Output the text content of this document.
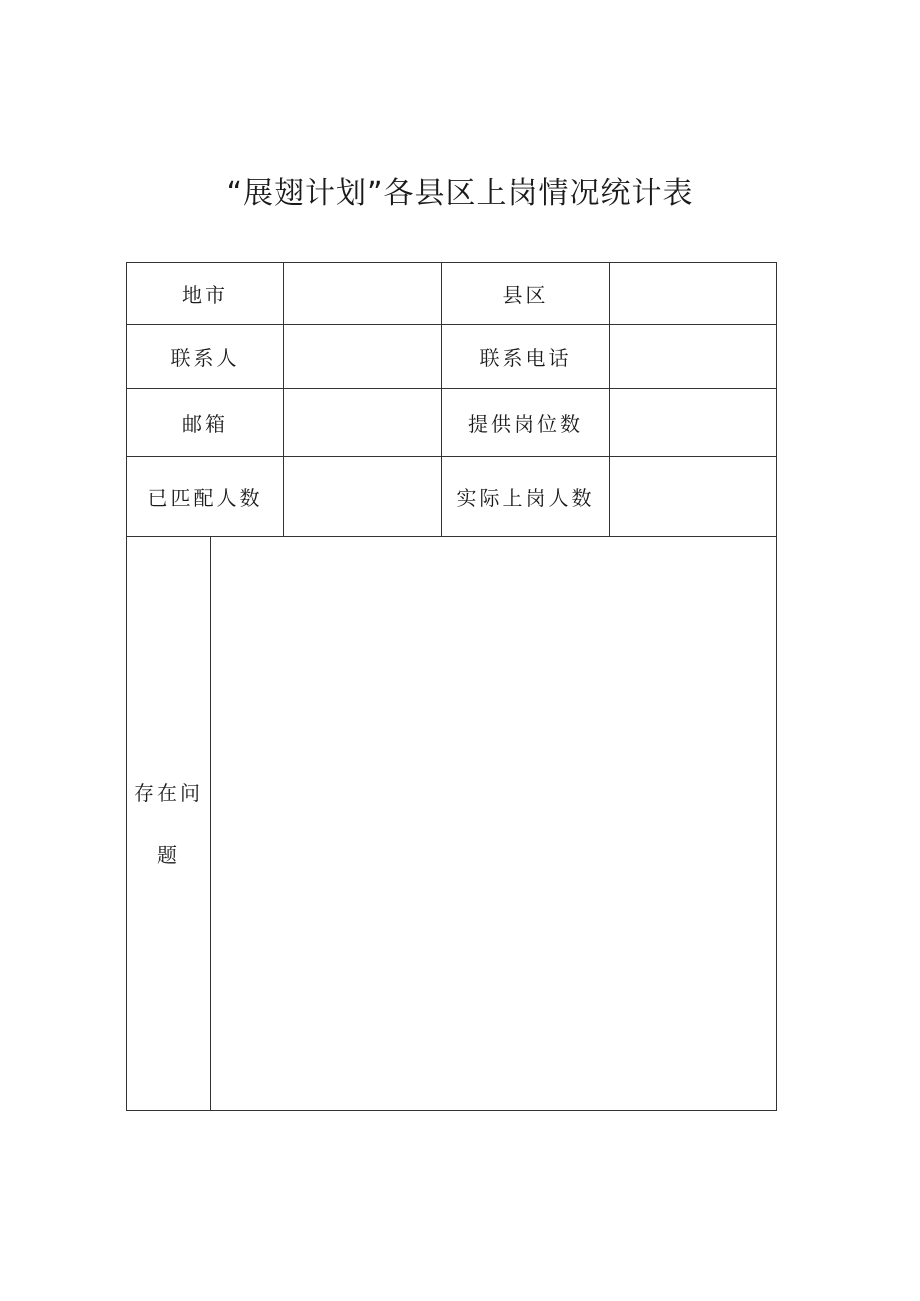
“展翅计划”各县区上岗情况统计表
地市			县区	
联系人			联系电话	
邮箱			提供岗位数	
已匹配人数			实际上岗人数	

存在问题				
